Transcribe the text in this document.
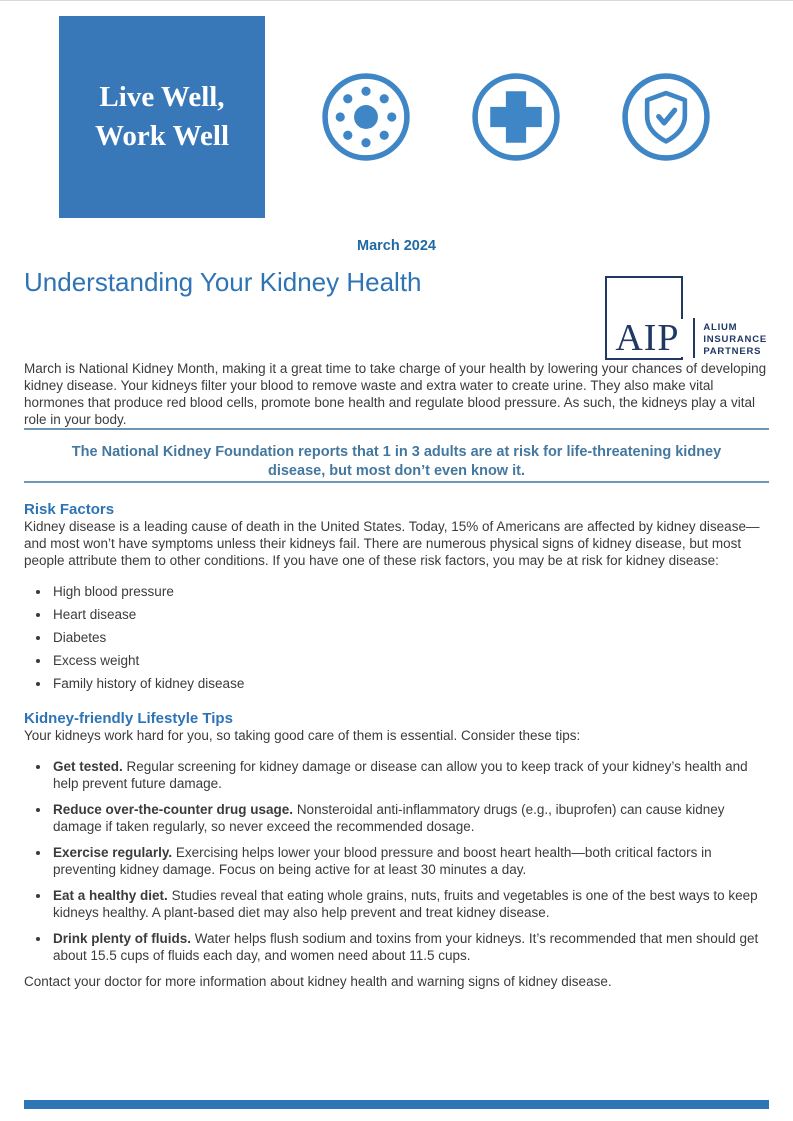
Live Well,
Work Well
March 2024
Understanding Your Kidney Health
AIP	ALIUM
INSURANCE
PARTNERS

March is National Kidney Month, making it a great time to take charge of your health by lowering your chances of developing kidney disease. Your kidneys filter your blood to remove waste and extra water to create urine. They also make vital hormones that produce red blood cells, promote bone health and regulate blood pressure. As such, the kidneys play a vital role in your body.

The National Kidney Foundation reports that 1 in 3 adults are at risk for life-threatening kidney disease, but most don’t even know it.

Risk Factors

Kidney disease is a leading cause of death in the United States. Today, 15% of Americans are affected by kidney disease—and most won’t have symptoms unless their kidneys fail. There are numerous physical signs of kidney disease, but most people attribute them to other conditions. If you have one of these risk factors, you may be at risk for kidney disease:

• High blood pressure
• Heart disease
• Diabetes
• Excess weight
• Family history of kidney disease
Kidney-friendly Lifestyle Tips

Your kidneys work hard for you, so taking good care of them is essential. Consider these tips:

• Get tested. Regular screening for kidney damage or disease can allow you to keep track of your kidney’s health and help prevent future damage.
• Reduce over-the-counter drug usage. Nonsteroidal anti-inflammatory drugs (e.g., ibuprofen) can cause kidney damage if taken regularly, so never exceed the recommended dosage.
• Exercise regularly. Exercising helps lower your blood pressure and boost heart health—both critical factors in preventing kidney damage. Focus on being active for at least 30 minutes a day.
• Eat a healthy diet. Studies reveal that eating whole grains, nuts, fruits and vegetables is one of the best ways to keep kidneys healthy. A plant-based diet may also help prevent and treat kidney disease.
• Drink plenty of fluids. Water helps flush sodium and toxins from your kidneys. It’s recommended that men should get about 15.5 cups of fluids each day, and women need about 11.5 cups.

Contact your doctor for more information about kidney health and warning signs of kidney disease.
